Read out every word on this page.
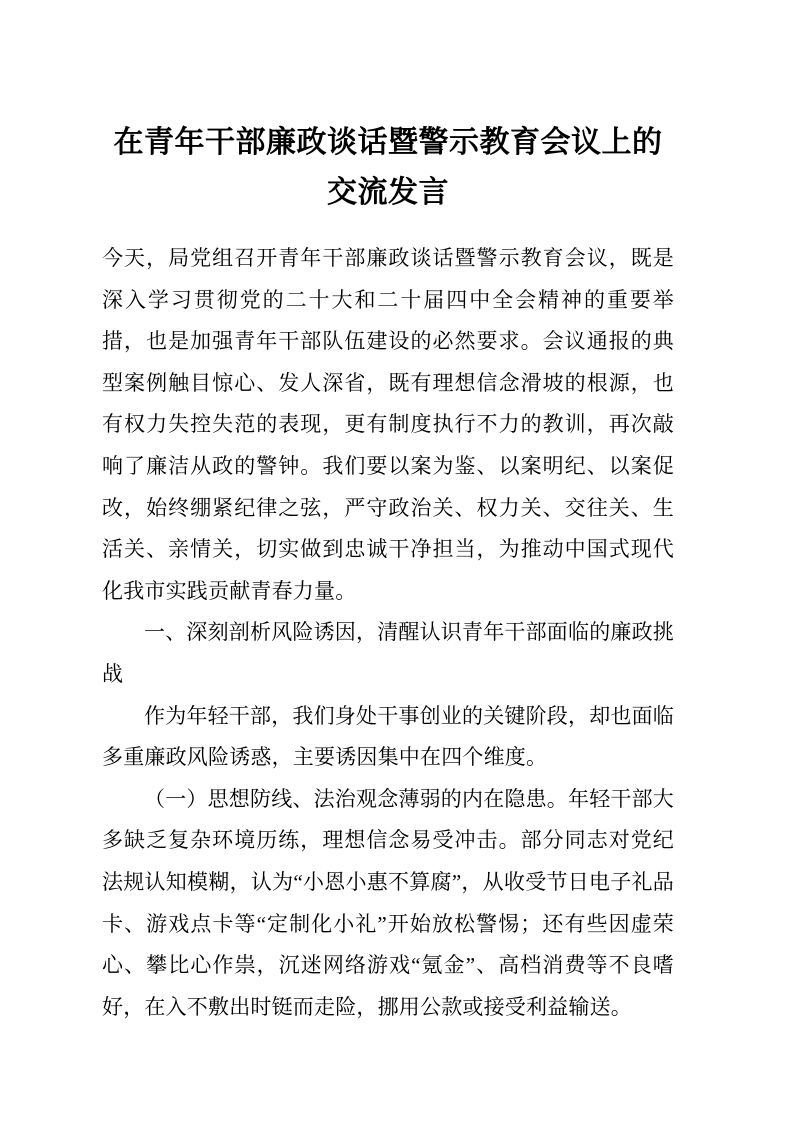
在青年干部廉政谈话暨警示教育会议上的交流发言

今天，局党组召开青年干部廉政谈话暨警示教育会议，既是深入学习贯彻党的二十大和二十届四中全会精神的重要举措，也是加强青年干部队伍建设的必然要求。会议通报的典型案例触目惊心、发人深省，既有理想信念滑坡的根源，也有权力失控失范的表现，更有制度执行不力的教训，再次敲响了廉洁从政的警钟。我们要以案为鉴、以案明纪、以案促改，始终绷紧纪律之弦，严守政治关、权力关、交往关、生活关、亲情关，切实做到忠诚干净担当，为推动中国式现代化我市实践贡献青春力量。

一、深刻剖析风险诱因，清醒认识青年干部面临的廉政挑战

作为年轻干部，我们身处干事创业的关键阶段，却也面临多重廉政风险诱惑，主要诱因集中在四个维度。

（一）思想防线、法治观念薄弱的内在隐患。年轻干部大多缺乏复杂环境历练，理想信念易受冲击。部分同志对党纪法规认知模糊，认为“小恩小惠不算腐”，从收受节日电子礼品卡、游戏点卡等“定制化小礼”开始放松警惕；还有些因虚荣心、攀比心作祟，沉迷网络游戏“氪金”、高档消费等不良嗜好，在入不敷出时铤而走险，挪用公款或接受利益输送。
